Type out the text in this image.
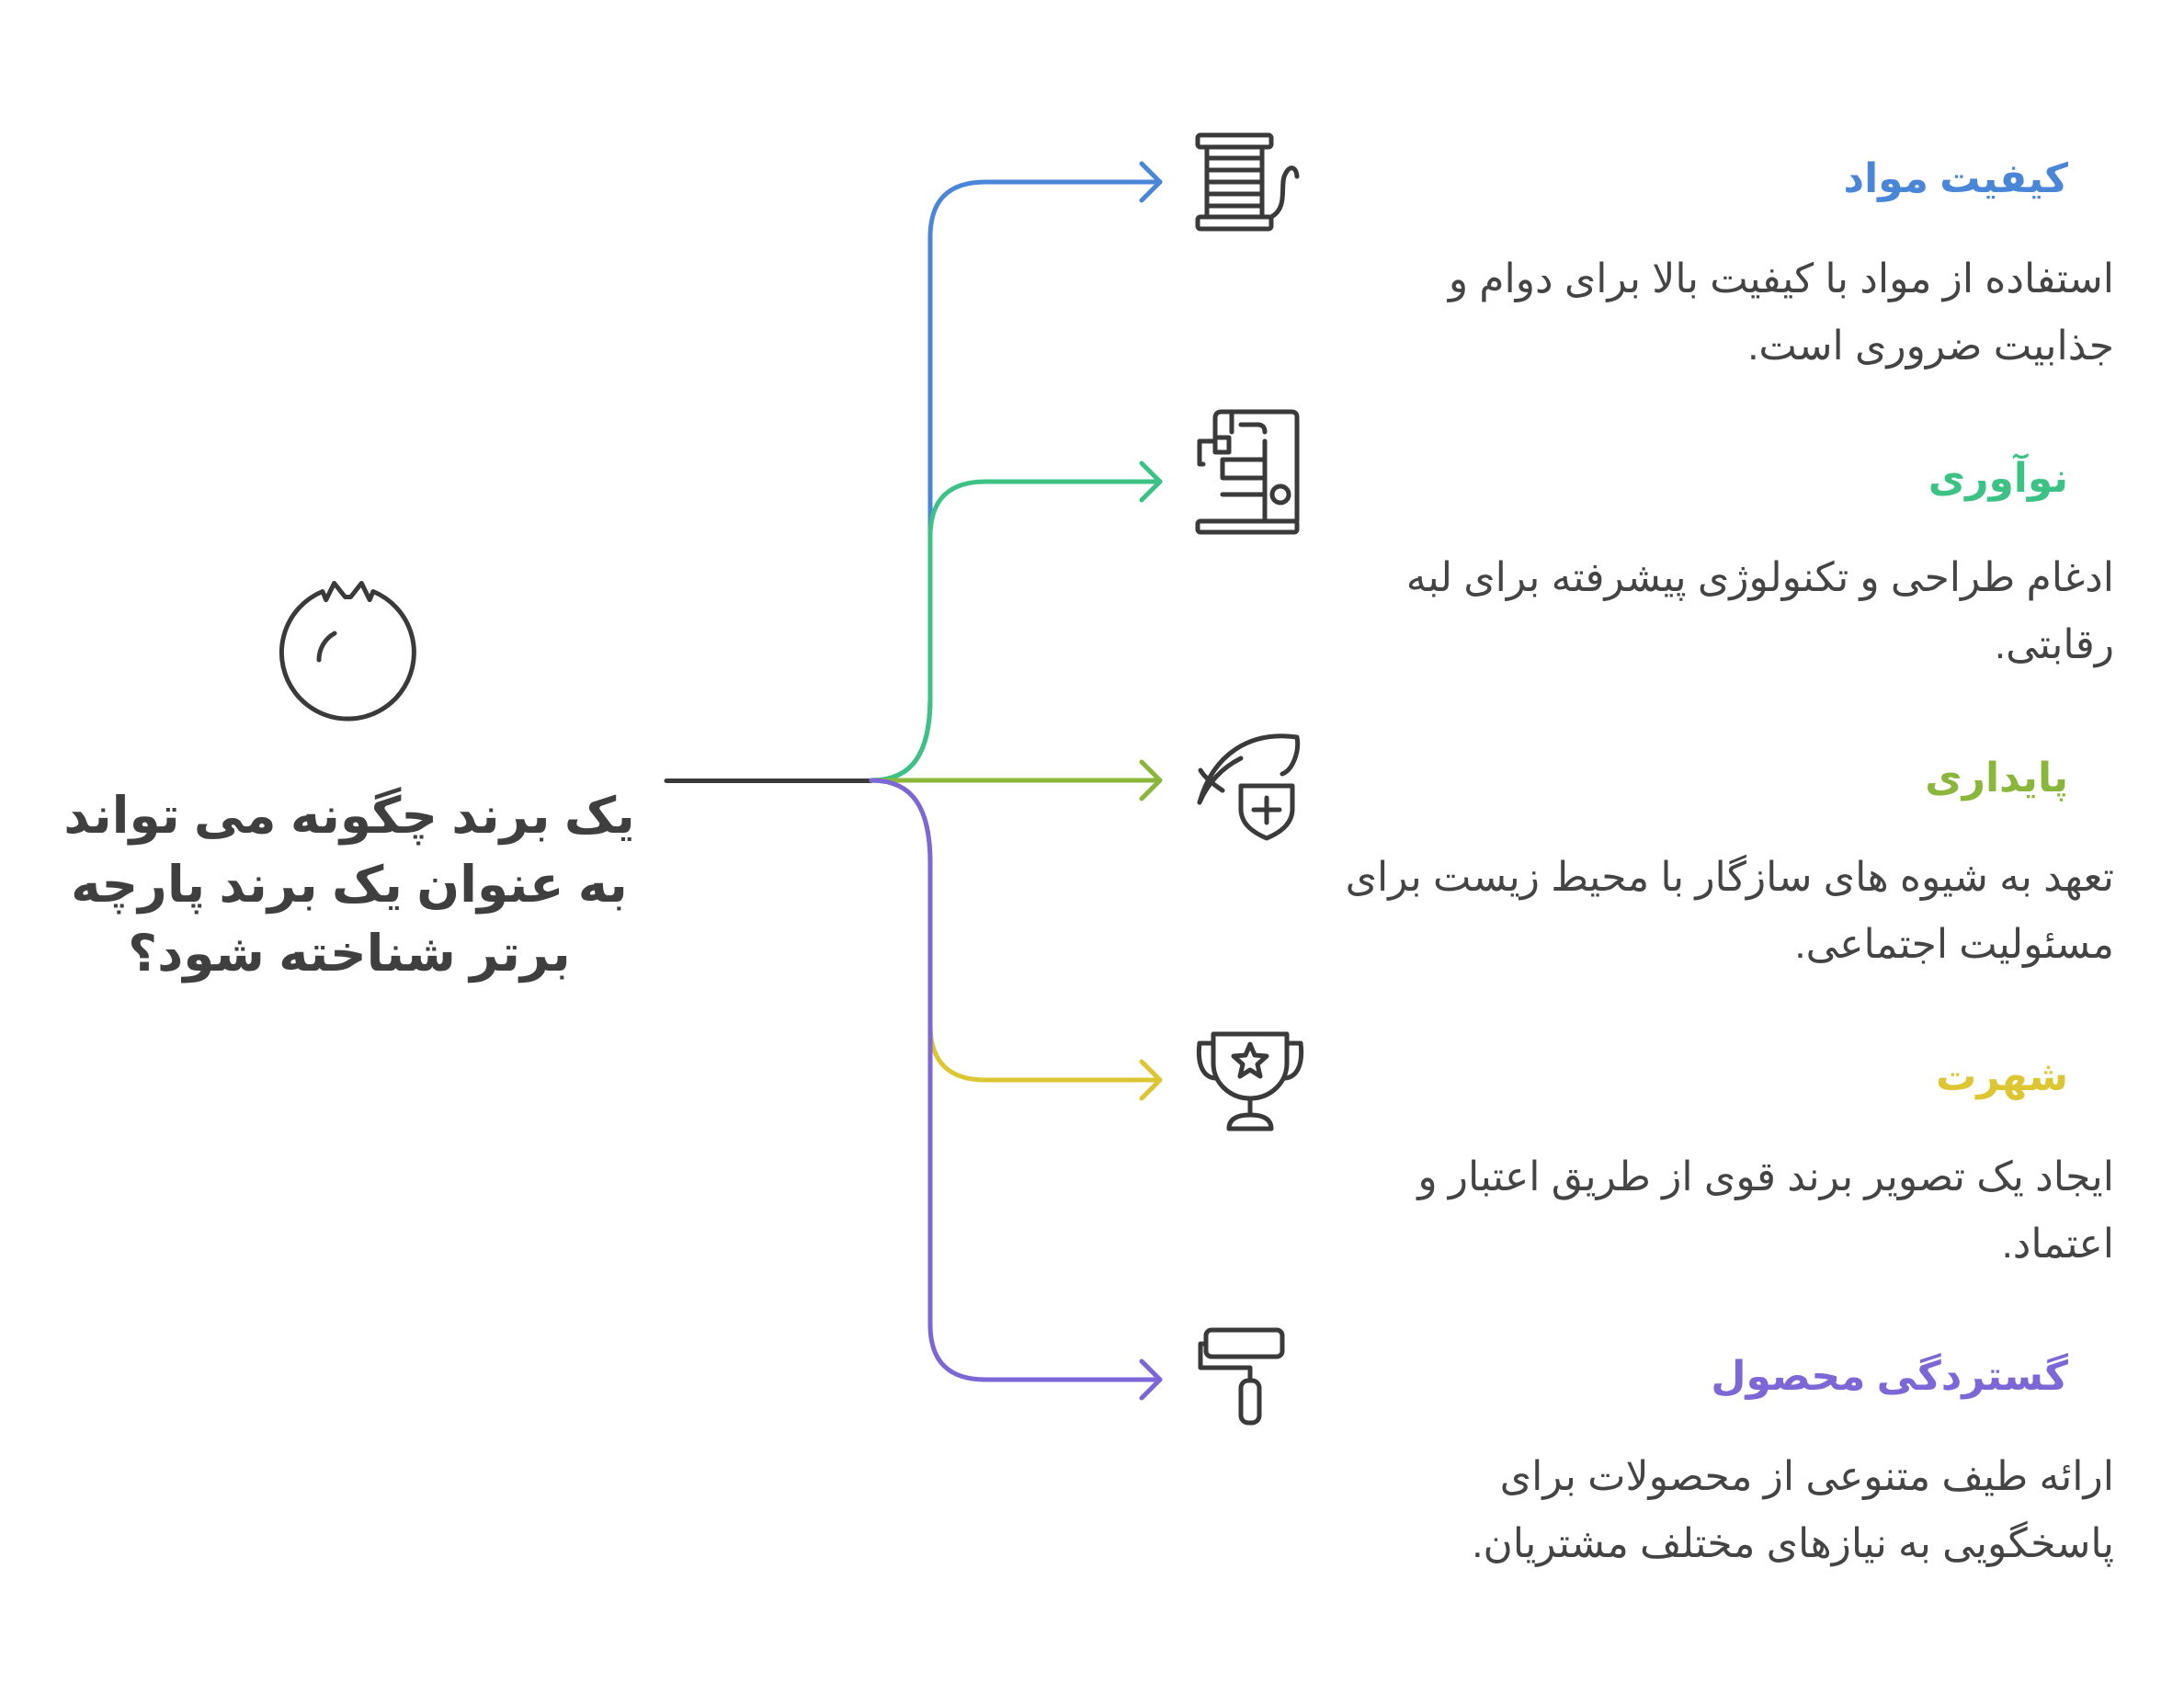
یک برند چگونه می تواند به عنوان یک برند پارچه برتر شناخته شود؟
کیفیت مواد
استفاده از مواد با کیفیت بالا برای دوام و جذابیت ضروری است.
نوآوری
ادغام طراحی و تکنولوژی پیشرفته برای لبه رقابتی.
پایداری
تعهد به شیوه های سازگار با محیط زیست برای مسئولیت اجتماعی.
شهرت
ایجاد یک تصویر برند قوی از طریق اعتبار و اعتماد.
گستردگی محصول
ارائه طیف متنوعی از محصولات برای پاسخگویی به نیازهای مختلف مشتریان.
